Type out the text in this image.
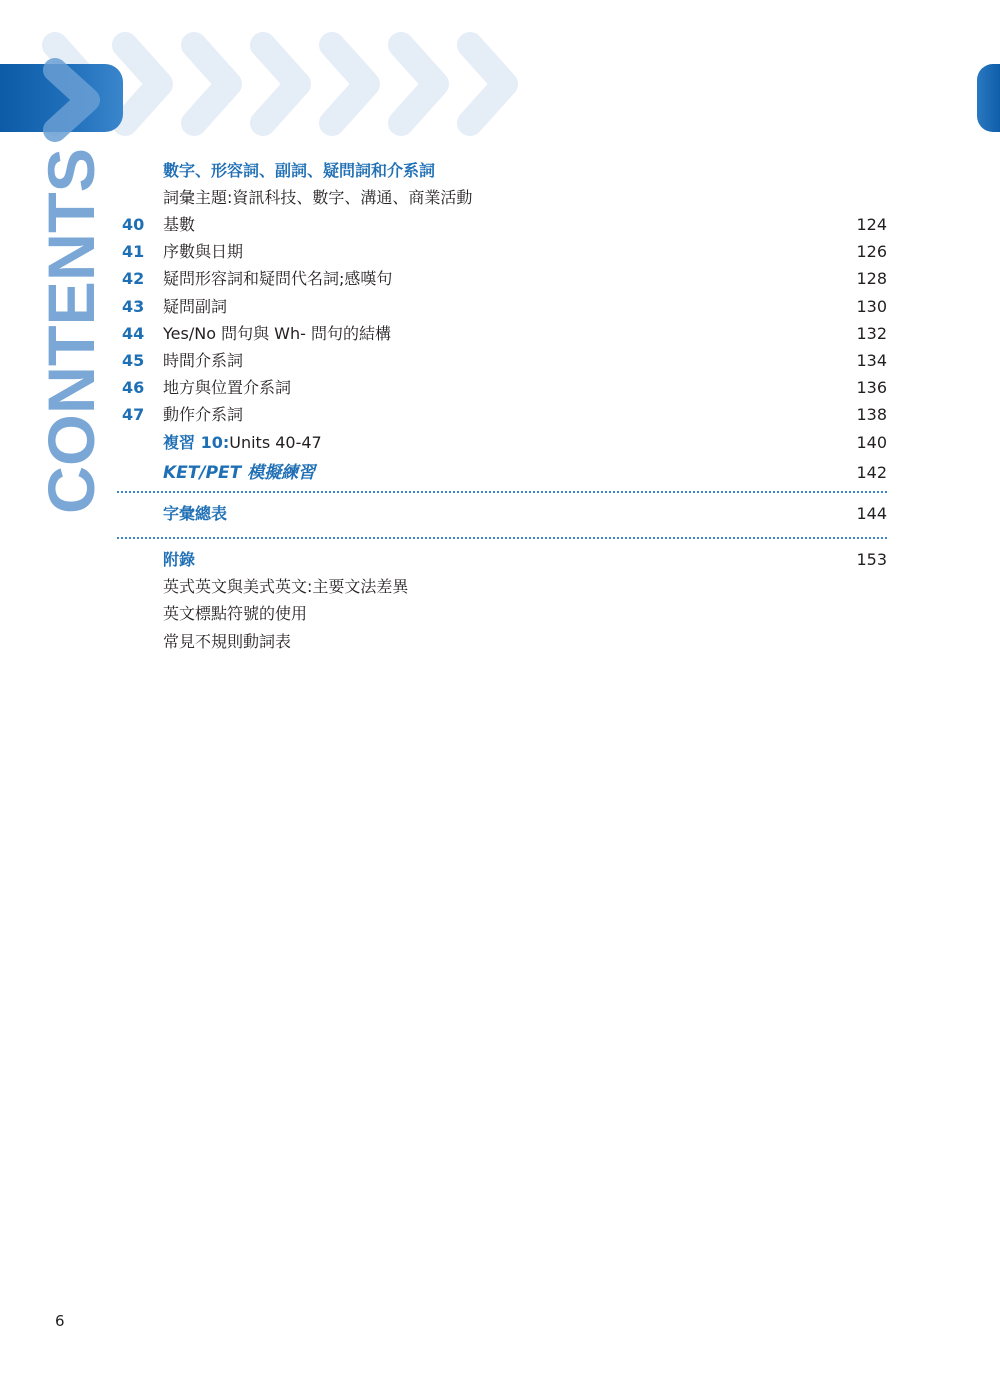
CONTENTS	數字、形容詞、副詞、疑問詞和介系詞
詞彙主題:資訊科技、數字、溝通、商業活動
40	基數	124
41	序數與日期	126
42	疑問形容詞和疑問代名詞;感嘆句	128
43	疑問副詞	130
44	Yes/No 問句與 Wh- 問句的結構	132
45	時間介系詞	134
46	地方與位置介系詞	136
47	動作介系詞	138
複習 10:Units 40-47	140
KET/PET 模擬練習	142
字彙總表	144
附錄	153
英式英文與美式英文:主要文法差異
英文標點符號的使用
常見不規則動詞表
6
